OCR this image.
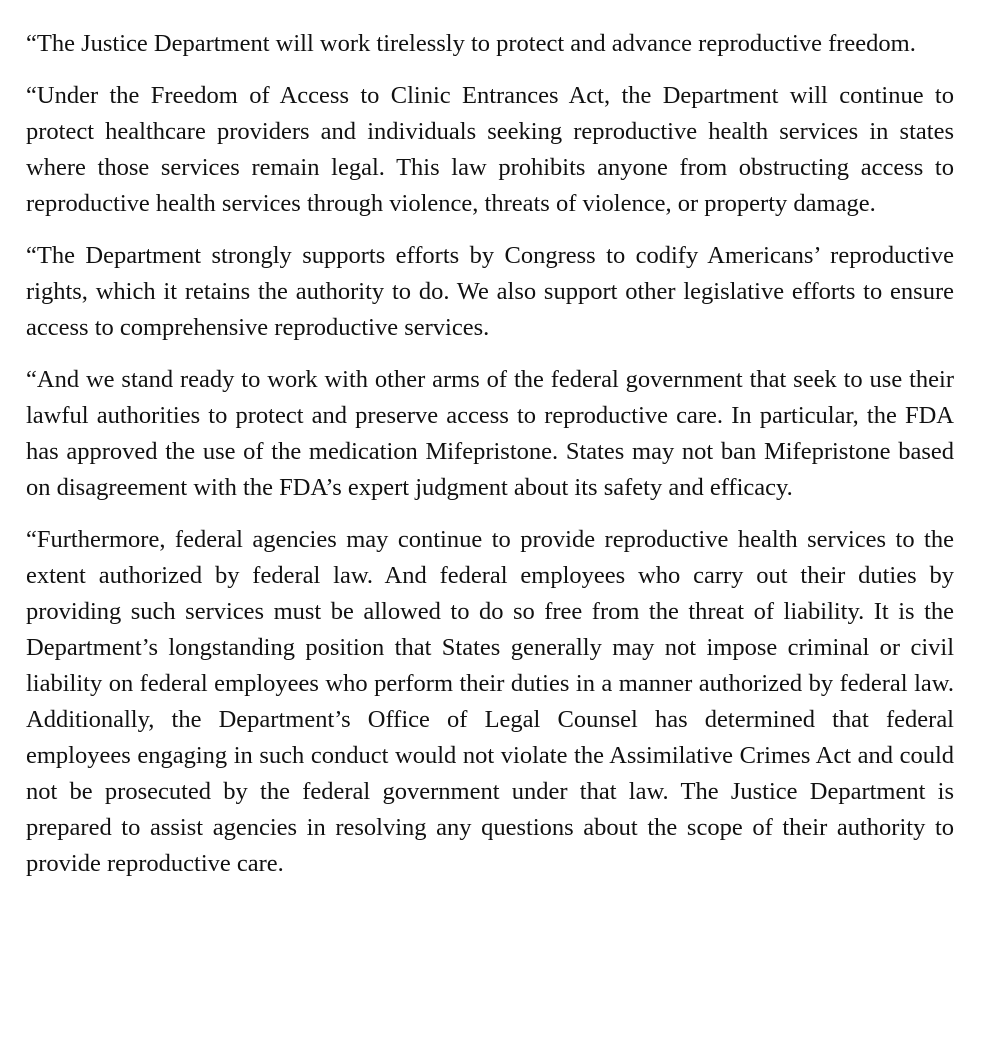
“The Justice Department will work tirelessly to protect and advance reproductive freedom.

“Under the Freedom of Access to Clinic Entrances Act, the Department will continue to protect healthcare providers and individuals seeking reproductive health services in states where those services remain legal. This law prohibits anyone from obstructing access to reproductive health services through violence, threats of violence, or property damage.

“The Department strongly supports efforts by Congress to codify Americans’ reproductive rights, which it retains the authority to do. We also support other legislative efforts to ensure access to comprehensive reproductive services.

“And we stand ready to work with other arms of the federal government that seek to use their lawful authorities to protect and preserve access to reproductive care. In particular, the FDA has approved the use of the medication Mifepristone. States may not ban Mifepristone based on disagreement with the FDA’s expert judgment about its safety and efficacy.

“Furthermore, federal agencies may continue to provide reproductive health services to the extent authorized by federal law. And federal employees who carry out their duties by providing such services must be allowed to do so free from the threat of liability. It is the Department’s longstanding position that States generally may not impose criminal or civil liability on federal employees who perform their duties in a manner authorized by federal law. Additionally, the Department’s Office of Legal Counsel has determined that federal employees engaging in such conduct would not violate the Assimilative Crimes Act and could not be prosecuted by the federal government under that law. The Justice Department is prepared to assist agencies in resolving any questions about the scope of their authority to provide reproductive care.
